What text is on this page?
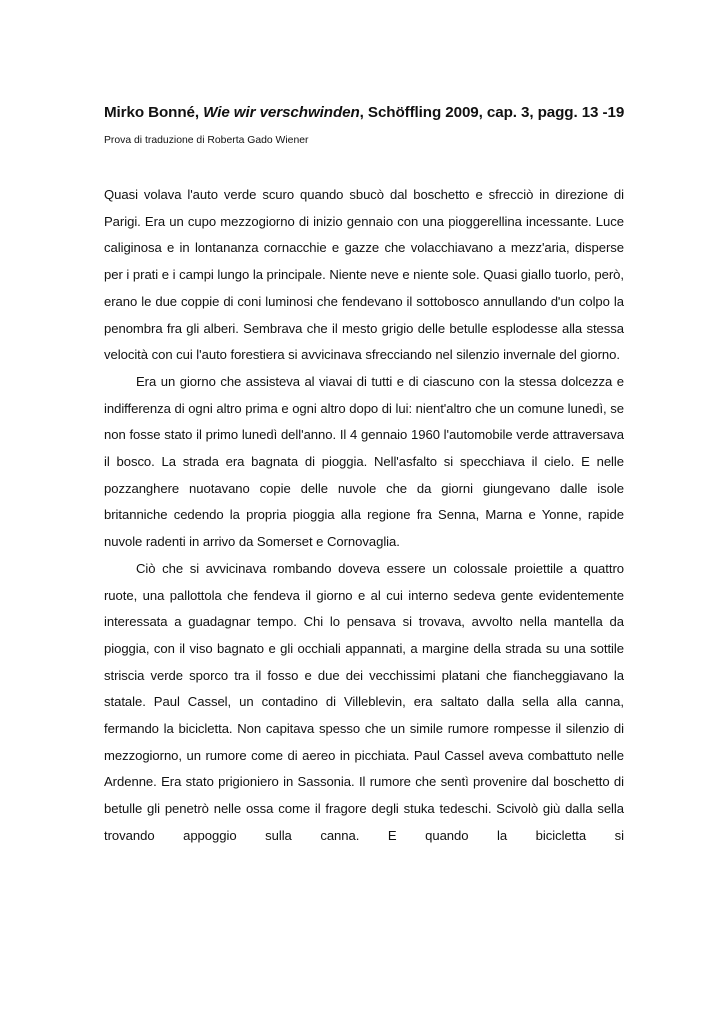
Mirko Bonné, Wie wir verschwinden, Schöffling 2009, cap. 3, pagg. 13 -19
Prova di traduzione di Roberta Gado Wiener

Quasi volava l'auto verde scuro quando sbucò dal boschetto e sfrecciò in direzione di Parigi. Era un cupo mezzogiorno di inizio gennaio con una pioggerellina incessante. Luce caliginosa e in lontananza cornacchie e gazze che volacchiavano a mezz'aria, disperse per i prati e i campi lungo la principale. Niente neve e niente sole. Quasi giallo tuorlo, però, erano le due coppie di coni luminosi che fendevano il sottobosco annullando d'un colpo la penombra fra gli alberi. Sembrava che il mesto grigio delle betulle esplodesse alla stessa velocità con cui l'auto forestiera si avvicinava sfrecciando nel silenzio invernale del giorno.

Era un giorno che assisteva al viavai di tutti e di ciascuno con la stessa dolcezza e indifferenza di ogni altro prima e ogni altro dopo di lui: nient'altro che un comune lunedì, se non fosse stato il primo lunedì dell'anno. Il 4 gennaio 1960 l'automobile verde attraversava il bosco. La strada era bagnata di pioggia. Nell'asfalto si specchiava il cielo. E nelle pozzanghere nuotavano copie delle nuvole che da giorni giungevano dalle isole britanniche cedendo la propria pioggia alla regione fra Senna, Marna e Yonne, rapide nuvole radenti in arrivo da Somerset e Cornovaglia.

Ciò che si avvicinava rombando doveva essere un colossale proiettile a quattro ruote, una pallottola che fendeva il giorno e al cui interno sedeva gente evidentemente interessata a guadagnar tempo. Chi lo pensava si trovava, avvolto nella mantella da pioggia, con il viso bagnato e gli occhiali appannati, a margine della strada su una sottile striscia verde sporco tra il fosso e due dei vecchissimi platani che fiancheggiavano la statale. Paul Cassel, un contadino di Villeblevin, era saltato dalla sella alla canna, fermando la bicicletta. Non capitava spesso che un simile rumore rompesse il silenzio di mezzogiorno, un rumore come di aereo in picchiata. Paul Cassel aveva combattuto nelle Ardenne. Era stato prigioniero in Sassonia. Il rumore che sentì provenire dal boschetto di betulle gli penetrò nelle ossa come il fragore degli stuka tedeschi. Scivolò giù dalla sella trovando appoggio sulla canna. E quando la bicicletta si
